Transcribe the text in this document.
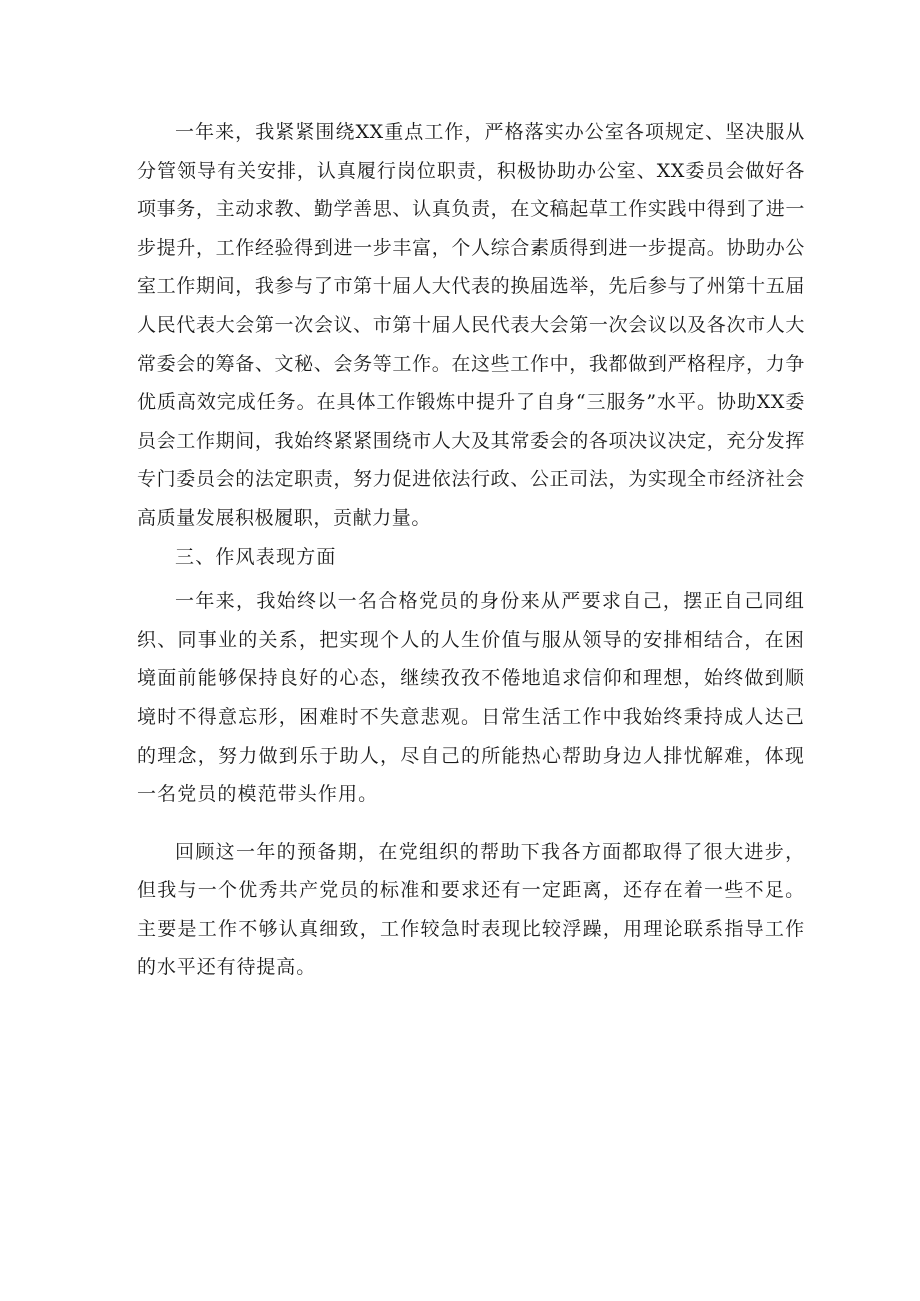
一年来，我紧紧围绕XX重点工作，严格落实办公室各项规定、坚决服从分管领导有关安排，认真履行岗位职责，积极协助办公室、XX委员会做好各项事务，主动求教、勤学善思、认真负责，在文稿起草工作实践中得到了进一步提升，工作经验得到进一步丰富，个人综合素质得到进一步提高。协助办公室工作期间，我参与了市第十届人大代表的换届选举，先后参与了州第十五届人民代表大会第一次会议、市第十届人民代表大会第一次会议以及各次市人大常委会的筹备、文秘、会务等工作。在这些工作中，我都做到严格程序，力争优质高效完成任务。在具体工作锻炼中提升了自身“三服务”水平。协助XX委员会工作期间，我始终紧紧围绕市人大及其常委会的各项决议决定，充分发挥专门委员会的法定职责，努力促进依法行政、公正司法，为实现全市经济社会高质量发展积极履职，贡献力量。

三、作风表现方面

一年来，我始终以一名合格党员的身份来从严要求自己，摆正自己同组织、同事业的关系，把实现个人的人生价值与服从领导的安排相结合，在困境面前能够保持良好的心态，继续孜孜不倦地追求信仰和理想，始终做到顺境时不得意忘形，困难时不失意悲观。日常生活工作中我始终秉持成人达己的理念，努力做到乐于助人，尽自己的所能热心帮助身边人排忧解难，体现一名党员的模范带头作用。

回顾这一年的预备期，在党组织的帮助下我各方面都取得了很大进步，但我与一个优秀共产党员的标准和要求还有一定距离，还存在着一些不足。主要是工作不够认真细致，工作较急时表现比较浮躁，用理论联系指导工作的水平还有待提高。
